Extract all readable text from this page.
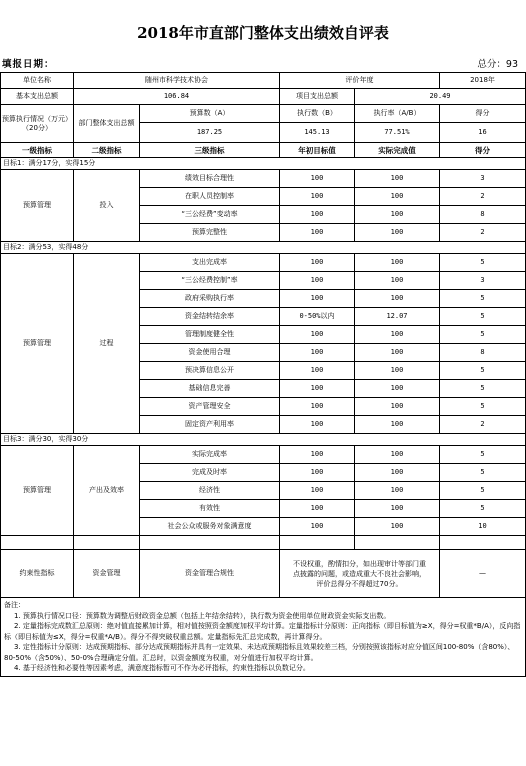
2018年市直部门整体支出绩效自评表
填报日期：	总分：93
单位名称	随州市科学技术协会		评价年度		2018年
基本支出总额	106.84		项目支出总额	20.49	
预算执行情况（万元）（20分）	部门整体支出总额	预算数（A）	执行数（B）	执行率（A/B）	得分
		187.25	145.13	77.51%	16
一级指标	二级指标	三级指标	年初目标值	实际完成值	得分
目标1：满分17分，实得15分					
预算管理	投入	绩效目标合理性	100	100	3
		在职人员控制率	100	100	2
		“三公经费”变动率	100	100	8
		预算完整性	100	100	2
目标2：满分53，实得48分					
预算管理	过程	支出完成率	100	100	5
		“三公经费控制”率	100	100	3
		政府采购执行率	100	100	5
		资金结转结余率	0-50%以内	12.07	5
		管理制度健全性	100	100	5
		资金使用合理	100	100	8
		预决算信息公开	100	100	5
		基础信息完善	100	100	5
		资产管理安全	100	100	5
		固定资产利用率	100	100	2
目标3：满分30，实得30分					
预算管理	产出及效率	实际完成率	100	100	5
		完成及时率	100	100	5
		经济性	100	100	5
		有效性	100	100	5
		社会公众或服务对象满意度	100	100	10

约束性指标	资金管理	资金管理合规性	不设权重，酌情扣分，如出现审计等部门重点披露的问题，或造成重大不良社会影响，评价总得分不得超过70分。		—

备注：
1. 预算执行情况口径：预算数为调整后财政资金总额（包括上年结余结转），执行数为资金使用单位财政资金实际支出数。
2. 定量指标完成数汇总原则：绝对值直接累加计算，相对值按照资金额度加权平均计算。定量指标计分原则：正向指标（即目标值为≥X，得分=权重*B/A），反向指标（即目标值为≤X，得分=权重*A/B）。得分不得突破权重总额。定量指标先汇总完成数，再计算得分。
3. 定性指标计分原则：达成预期指标、部分达成预期指标并具有一定效果、未达成预期指标且效果较差三档，分别按照该指标对应分值区间100-80%（含80%）、80-50%（含50%）、50-0%合理确定分值。汇总时，以资金额度为权重，对分值进行加权平均计算。
4. 基于经济性和必要性等因素考虑，满意度指标暂可不作为必评指标，约束性指标以负数记分。					
